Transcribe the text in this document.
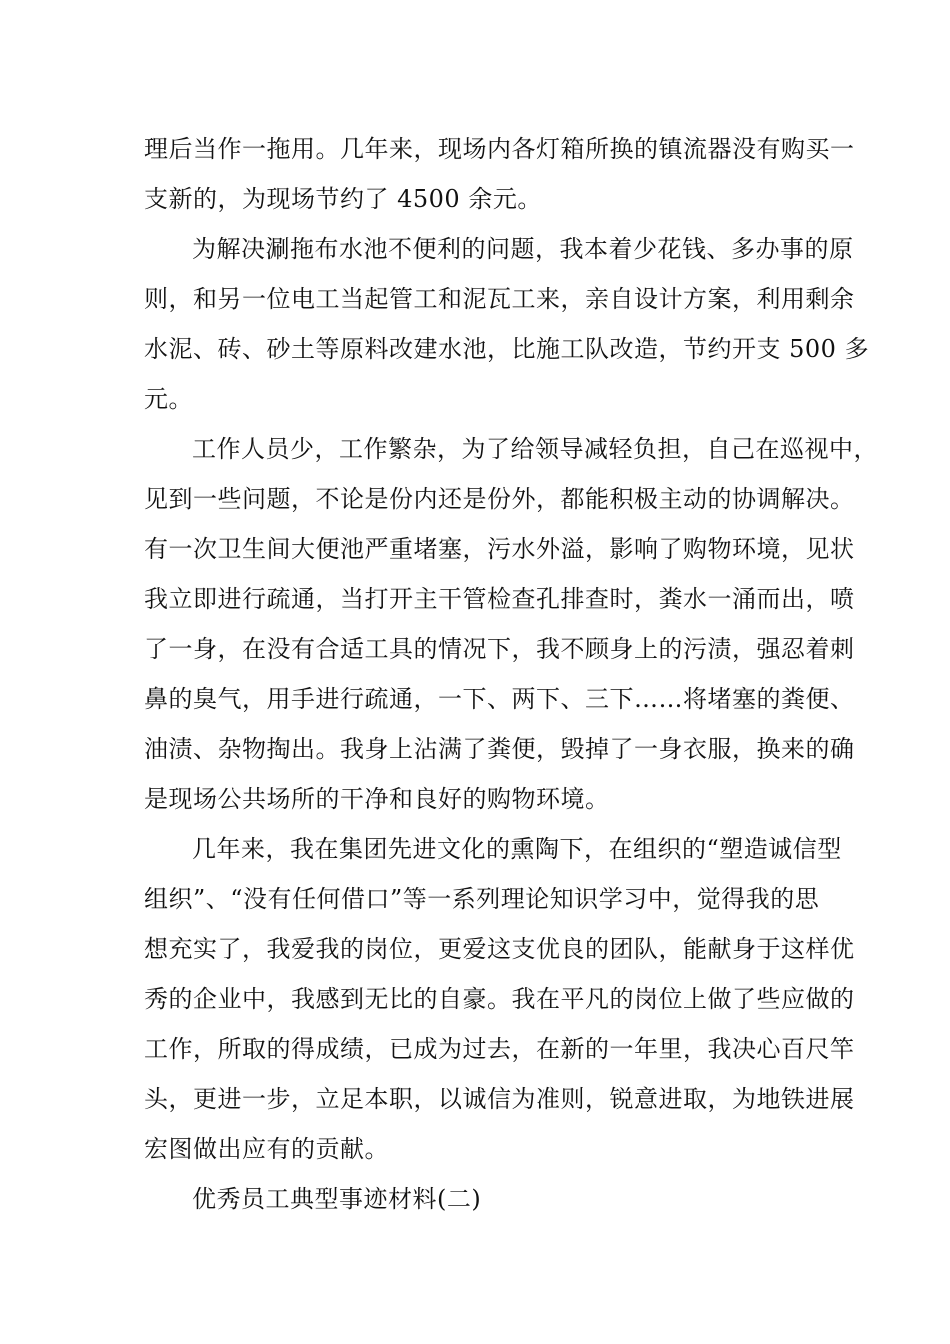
理后当作一拖用。几年来，现场内各灯箱所换的镇流器没有购买一
支新的，为现场节约了 4500 余元。
为解决涮拖布水池不便利的问题，我本着少花钱、多办事的原
则，和另一位电工当起管工和泥瓦工来，亲自设计方案，利用剩余
水泥、砖、砂土等原料改建水池，比施工队改造，节约开支 500 多
元。
工作人员少，工作繁杂，为了给领导减轻负担，自己在巡视中，
见到一些问题，不论是份内还是份外，都能积极主动的协调解决。
有一次卫生间大便池严重堵塞，污水外溢，影响了购物环境，见状
我立即进行疏通，当打开主干管检查孔排查时，粪水一涌而出，喷
了一身，在没有合适工具的情况下，我不顾身上的污渍，强忍着刺
鼻的臭气，用手进行疏通，一下、两下、三下……将堵塞的粪便、
油渍、杂物掏出。我身上沾满了粪便，毁掉了一身衣服，换来的确
是现场公共场所的干净和良好的购物环境。
几年来，我在集团先进文化的熏陶下，在组织的“塑造诚信型
组织”、“没有任何借口”等一系列理论知识学习中，觉得我的思
想充实了，我爱我的岗位，更爱这支优良的团队，能献身于这样优
秀的企业中，我感到无比的自豪。我在平凡的岗位上做了些应做的
工作，所取的得成绩，已成为过去，在新的一年里，我决心百尺竿
头，更进一步，立足本职，以诚信为准则，锐意进取，为地铁进展
宏图做出应有的贡献。
优秀员工典型事迹材料(二)
